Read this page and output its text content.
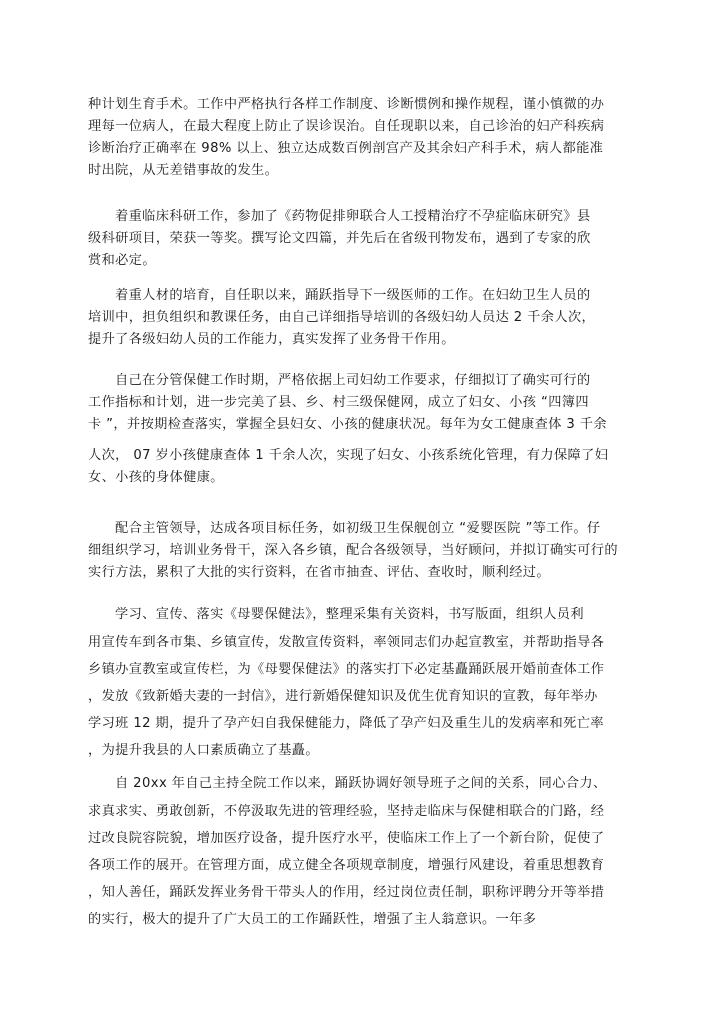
种计划生育手术。工作中严格执行各样工作制度、诊断惯例和操作规程，谨小慎微的办
理每一位病人，在最大程度上防止了误诊误治。自任现职以来，自己诊治的妇产科疾病
诊断治疗正确率在 98% 以上、独立达成数百例剖宫产及其余妇产科手术，病人都能准
时出院，从无差错事故的发生。
着重临床科研工作，参加了《药物促排卵联合人工授精治疗不孕症临床研究》县
级科研项目，荣获一等奖。撰写论文四篇，并先后在省级刊物发布，遇到了专家的欣
赏和必定。
着重人材的培育，自任职以来，踊跃指导下一级医师的工作。在妇幼卫生人员的
培训中，担负组织和教课任务，由自己详细指导培训的各级妇幼人员达 2 千余人次，
提升了各级妇幼人员的工作能力，真实发挥了业务骨干作用。
自己在分管保健工作时期，严格依据上司妇幼工作要求，仔细拟订了确实可行的
工作指标和计划，进一步完美了县、乡、村三级保健网，成立了妇女、小孩 “四簿四
卡 ”，并按期检查落实，掌握全县妇女、小孩的健康状况。每年为女工健康查体 3 千余
人次， 07 岁小孩健康查体 1 千余人次，实现了妇女、小孩系统化管理，有力保障了妇
女、小孩的身体健康。
配合主管领导，达成各项目标任务，如初级卫生保舰创立 “爱婴医院 ”等工作。仔
细组织学习，培训业务骨干，深入各乡镇，配合各级领导，当好顾问，并拟订确实可行的
实行方法，累积了大批的实行资料，在省市抽查、评估、查收时，顺利经过。
学习、宣传、落实《母婴保健法》，整理采集有关资料，书写版面，组织人员利
用宣传车到各市集、乡镇宣传，发散宣传资料，率领同志们办起宣教室，并帮助指导各
乡镇办宣教室或宣传栏，为《母婴保健法》的落实打下必定基矗踊跃展开婚前查体工作
，发放《致新婚夫妻的一封信》，进行新婚保健知识及优生优育知识的宣教，每年举办
学习班 12 期，提升了孕产妇自我保健能力，降低了孕产妇及重生儿的发病率和死亡率
，为提升我县的人口素质确立了基矗。
自 20xx 年自己主持全院工作以来，踊跃协调好领导班子之间的关系，同心合力、
求真求实、勇敢创新，不停汲取先进的管理经验，坚持走临床与保健相联合的门路，经
过改良院容院貌，增加医疗设备，提升医疗水平，使临床工作上了一个新台阶，促使了
各项工作的展开。在管理方面，成立健全各项规章制度，增强行风建设，着重思想教育
，知人善任，踊跃发挥业务骨干带头人的作用，经过岗位责任制，职称评聘分开等举措
的实行，极大的提升了广大员工的工作踊跃性，增强了主人翁意识。一年多
